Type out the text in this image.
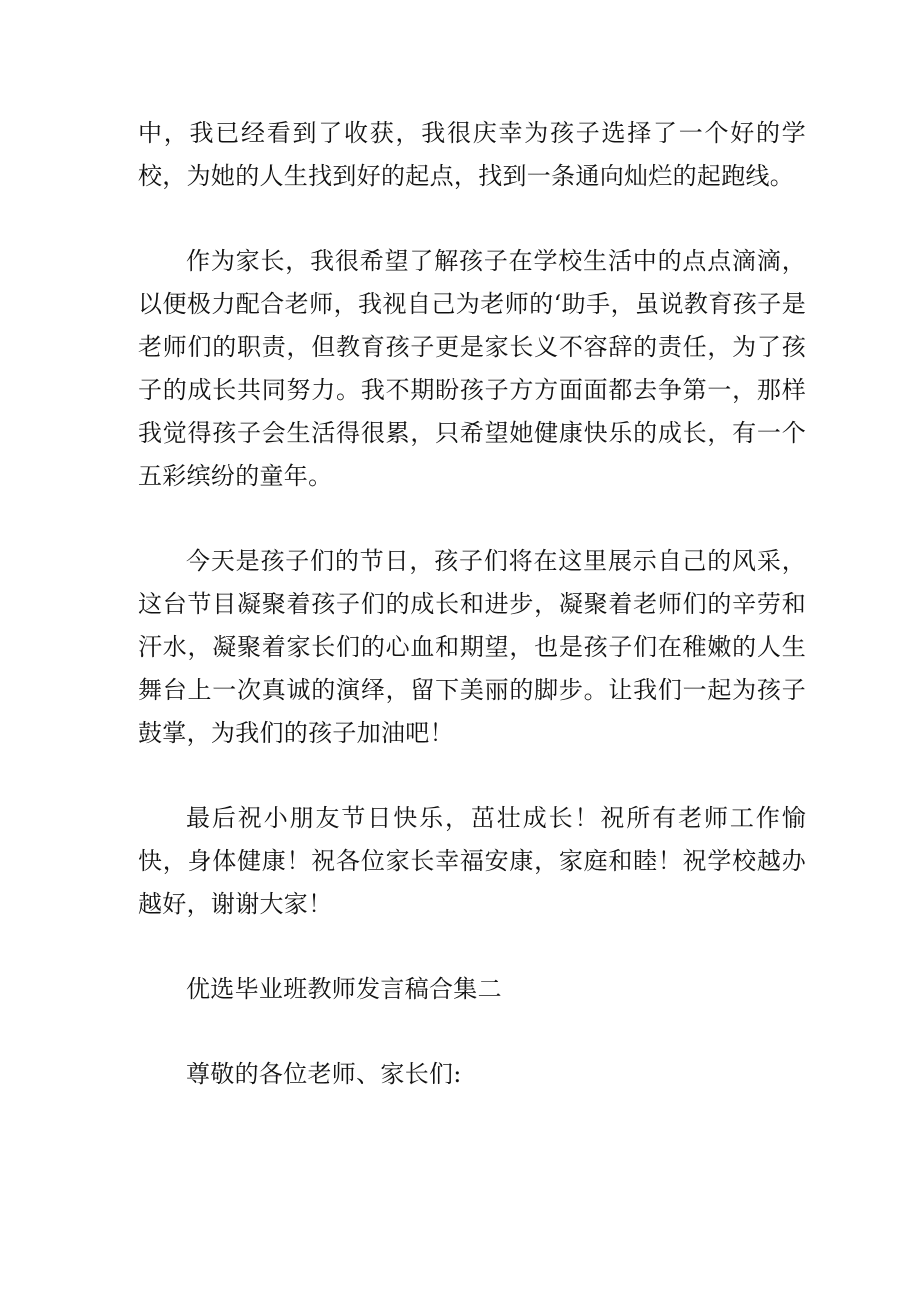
中，我已经看到了收获，我很庆幸为孩子选择了一个好的学校，为她的人生找到好的起点，找到一条通向灿烂的起跑线。

作为家长，我很希望了解孩子在学校生活中的点点滴滴，以便极力配合老师，我视自己为老师的‘助手，虽说教育孩子是老师们的职责，但教育孩子更是家长义不容辞的责任，为了孩子的成长共同努力。我不期盼孩子方方面面都去争第一，那样我觉得孩子会生活得很累，只希望她健康快乐的成长，有一个五彩缤纷的童年。

今天是孩子们的节日，孩子们将在这里展示自己的风采，这台节目凝聚着孩子们的成长和进步，凝聚着老师们的辛劳和汗水，凝聚着家长们的心血和期望，也是孩子们在稚嫩的人生舞台上一次真诚的演绎，留下美丽的脚步。让我们一起为孩子鼓掌，为我们的孩子加油吧！

最后祝小朋友节日快乐，茁壮成长！祝所有老师工作愉快，身体健康！祝各位家长幸福安康，家庭和睦！祝学校越办越好，谢谢大家！

优选毕业班教师发言稿合集二

尊敬的各位老师、家长们:
